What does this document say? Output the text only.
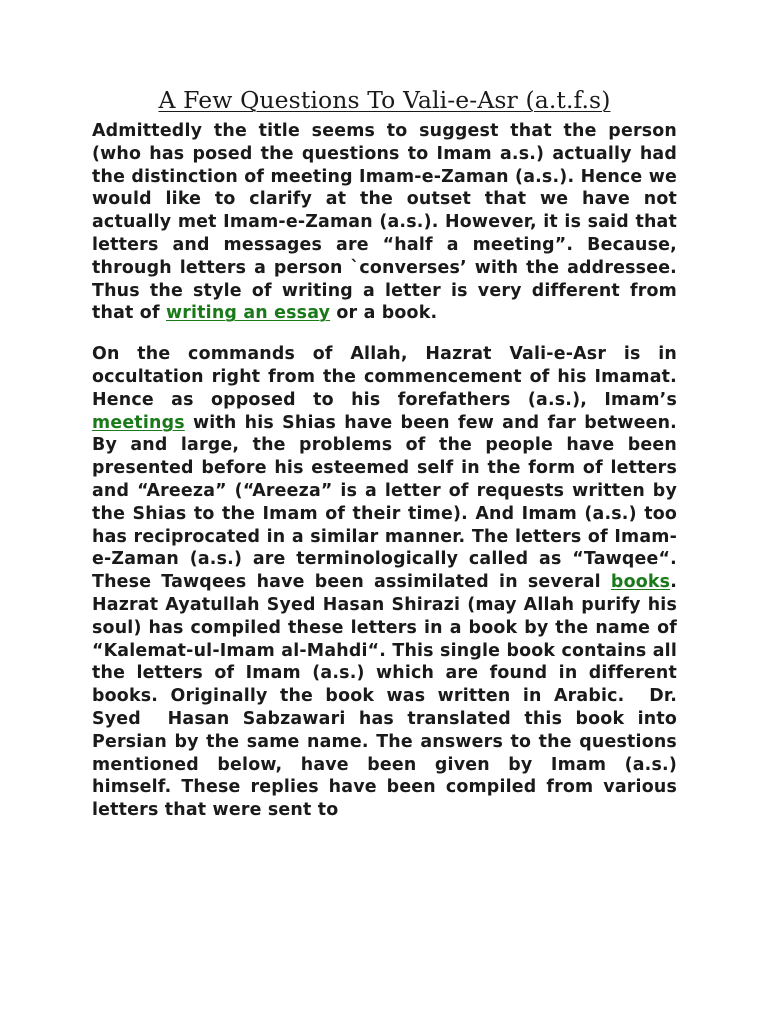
A Few Questions To Vali-e-Asr (a.t.f.s)

Admittedly the title seems to suggest that the person (who has posed the questions to Imam a.s.) actually had the distinction of meeting Imam-e-Zaman (a.s.). Hence we would like to clarify at the outset that we have not actually met Imam-e-Zaman (a.s.). However, it is said that letters and messages are “half a meeting”. Because, through letters a person `converses’ with the addressee. Thus the style of writing a letter is very different from that of writing an essay or a book.

On the commands of Allah, Hazrat Vali-e-Asr is in occultation right from the commencement of his Imamat. Hence as opposed to his forefathers (a.s.), Imam’s meetings with his Shias have been few and far between. By and large, the problems of the people have been presented before his esteemed self in the form of letters and “Areeza” (“Areeza” is a letter of requests written by the Shias to the Imam of their time). And Imam (a.s.) too has reciprocated in a similar manner. The letters of Imam-e-Zaman (a.s.) are terminologically called as “Tawqee“. These Tawqees have been assimilated in several books. Hazrat Ayatullah Syed Hasan Shirazi (may Allah purify his soul) has compiled these letters in a book by the name of “Kalemat-ul-Imam al-Mahdi“. This single book contains all the letters of Imam (a.s.) which are found in different books. Originally the book was written in Arabic.  Dr. Syed  Hasan Sabzawari has translated this book into Persian by the same name. The answers to the questions mentioned below, have been given by Imam (a.s.) himself. These replies have been compiled from various letters that were sent to
